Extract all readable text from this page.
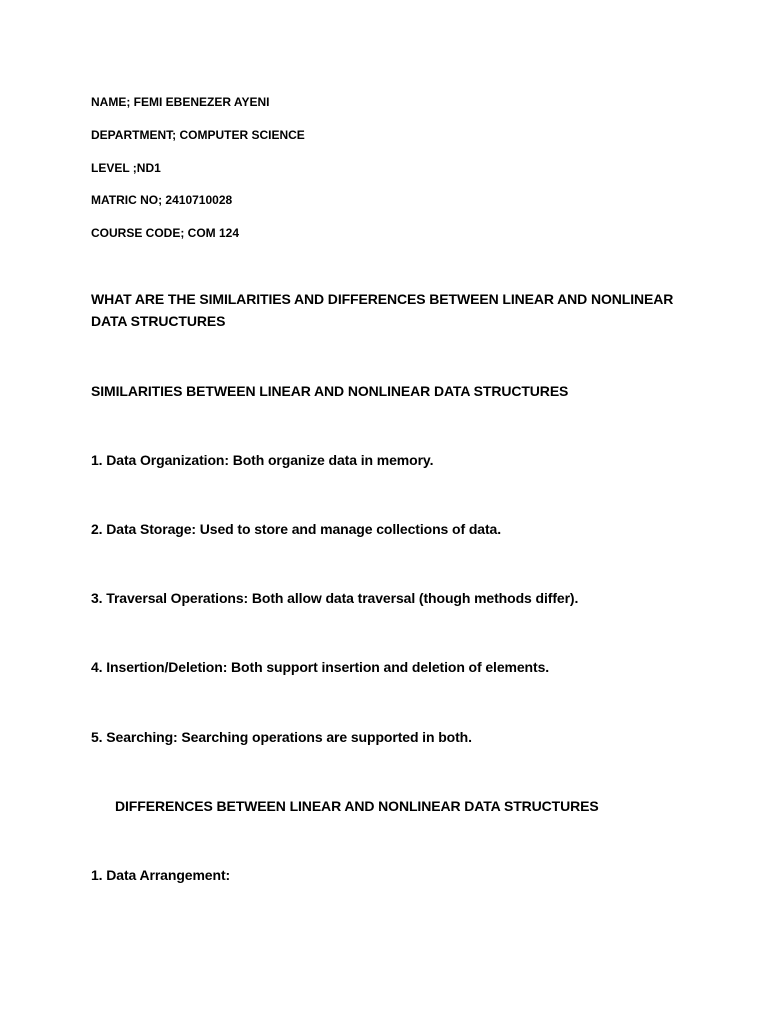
NAME; FEMI EBENEZER AYENI

DEPARTMENT; COMPUTER SCIENCE

LEVEL ;ND1

MATRIC NO; 2410710028

COURSE CODE; COM 124

WHAT ARE THE SIMILARITIES AND DIFFERENCES BETWEEN LINEAR AND NONLINEAR DATA STRUCTURES

SIMILARITIES BETWEEN LINEAR AND NONLINEAR DATA STRUCTURES

1. Data Organization: Both organize data in memory.

2. Data Storage: Used to store and manage collections of data.

3. Traversal Operations: Both allow data traversal (though methods differ).

4. Insertion/Deletion: Both support insertion and deletion of elements.

5. Searching: Searching operations are supported in both.

DIFFERENCES BETWEEN LINEAR AND NONLINEAR DATA STRUCTURES

1. Data Arrangement:
